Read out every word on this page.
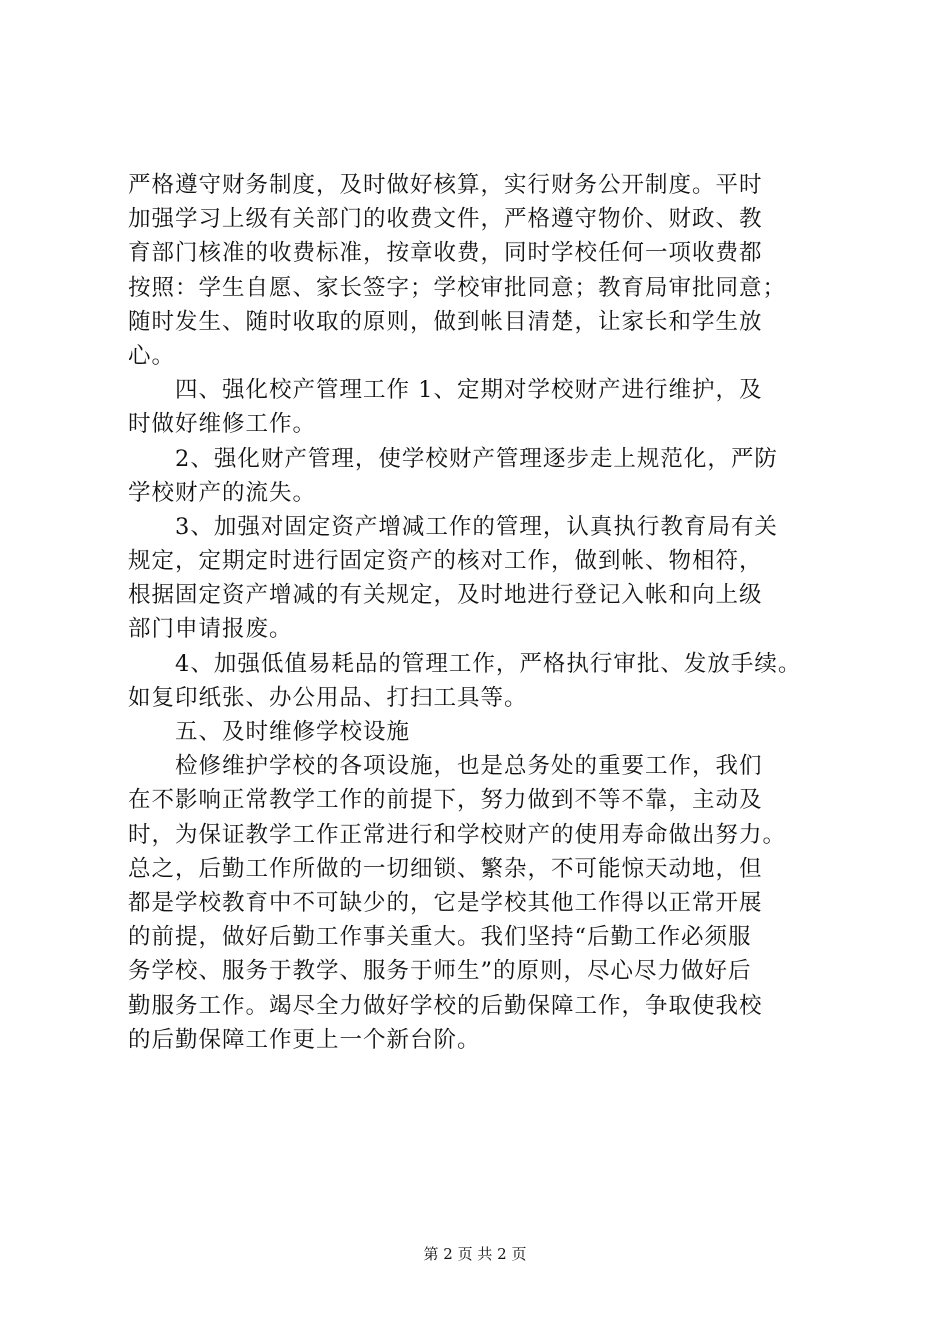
严格遵守财务制度，及时做好核算，实行财务公开制度。平时
加强学习上级有关部门的收费文件，严格遵守物价、财政、教
育部门核准的收费标准，按章收费，同时学校任何一项收费都
按照：学生自愿、家长签字；学校审批同意；教育局审批同意；
随时发生、随时收取的原则，做到帐目清楚，让家长和学生放
心。
　　四、强化校产管理工作 1、定期对学校财产进行维护，及
时做好维修工作。
　　2、强化财产管理，使学校财产管理逐步走上规范化，严防
学校财产的流失。
　　3、加强对固定资产增减工作的管理，认真执行教育局有关
规定，定期定时进行固定资产的核对工作，做到帐、物相符，
根据固定资产增减的有关规定，及时地进行登记入帐和向上级
部门申请报废。
　　4、加强低值易耗品的管理工作，严格执行审批、发放手续。
如复印纸张、办公用品、打扫工具等。
　　五、及时维修学校设施
　　检修维护学校的各项设施，也是总务处的重要工作，我们
在不影响正常教学工作的前提下，努力做到不等不靠，主动及
时，为保证教学工作正常进行和学校财产的使用寿命做出努力。
总之，后勤工作所做的一切细锁、繁杂，不可能惊天动地，但
都是学校教育中不可缺少的，它是学校其他工作得以正常开展
的前提，做好后勤工作事关重大。我们坚持“后勤工作必须服
务学校、服务于教学、服务于师生”的原则，尽心尽力做好后
勤服务工作。竭尽全力做好学校的后勤保障工作，争取使我校
的后勤保障工作更上一个新台阶。
第 2 页 共 2 页
